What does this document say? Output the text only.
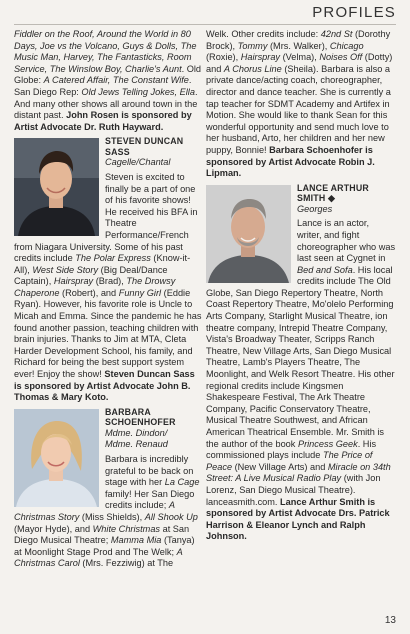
PROFILES

Fiddler on the Roof, Around the World in 80 Days, Joe vs the Volcano, Guys & Dolls, The Music Man, Harvey, The Fantasticks, Room Service, The Winslow Boy, Charlie's Aunt. Old Globe: A Catered Affair, The Constant Wife. San Diego Rep: Old Jews Telling Jokes, Ella. And many other shows all around town in the distant past. John Rosen is sponsored by Artist Advocate Dr. Ruth Hayward.

STEVEN DUNCAN
SASS
Cagelle/Chantal

Steven is excited to finally be a part of one of his favorite shows! He received his BFA in Theatre Performance/French from Niagara University. Some of his past credits include The Polar Express (Know-it-All), West Side Story (Big Deal/Dance Captain), Hairspray (Brad), The Drowsy Chaperone (Robert), and Funny Girl (Eddie Ryan). However, his favorite role is Uncle to Micah and Emma. Since the pandemic he has found another passion, teaching children with brain injuries. Thanks to Jim at MTA, Cleta Harder Development School, his family, and Richard for being the best support system ever! Enjoy the show! Steven Duncan Sass is sponsored by Artist Advocate John B. Thomas & Mary Koto.

BARBARA
SCHOENHOFER
Mdme. Dindon/
Mdme. Renaud

Barbara is incredibly grateful to be back on stage with her La Cage family! Her San Diego credits include; A Christmas Story (Miss Shields), All Shook Up (Mayor Hyde), and White Christmas at San Diego Musical Theatre; Mamma Mia (Tanya) at Moonlight Stage Prod and The Welk; A Christmas Carol (Mrs. Fezziwig) at The

Welk. Other credits include: 42nd St (Dorothy Brock), Tommy (Mrs. Walker), Chicago (Roxie), Hairspray (Velma), Noises Off (Dotty) and A Chorus Line (Sheila). Barbara is also a private dance/acting coach, choreographer, director and dance teacher. She is currently a tap teacher for SDMT Academy and Artifex in Motion. She would like to thank Sean for this wonderful opportunity and send much love to her husband, Arto, her children and her new puppy, Bonnie! Barbara Schoenhofer is sponsored by Artist Advocate Robin J. Lipman.

LANCE ARTHUR
SMITH ◆
Georges

Lance is an actor, writer, and fight choreographer who was last seen at Cygnet in Bed and Sofa. His local credits include The Old Globe, San Diego Repertory Theatre, North Coast Repertory Theatre, Mo'olelo Performing Arts Company, Starlight Musical Theatre, ion theatre company, Intrepid Theatre Company, Vista's Broadway Theater, Scripps Ranch Theatre, New Village Arts, San Diego Musical Theatre, Lamb's Players Theatre, The Moonlight, and Welk Resort Theatre. His other regional credits include Kingsmen Shakespeare Festival, The Ark Theatre Company, Pacific Conservatory Theatre, Musical Theatre Southwest, and African American Theatrical Ensemble. Mr. Smith is the author of the book Princess Geek. His commissioned plays include The Price of Peace (New Village Arts) and Miracle on 34th Street: A Live Musical Radio Play (with Jon Lorenz, San Diego Musical Theatre). lanceasmith.com. Lance Arthur Smith is sponsored by Artist Advocate Drs. Patrick Harrison & Eleanor Lynch and Ralph Johnson.

13
